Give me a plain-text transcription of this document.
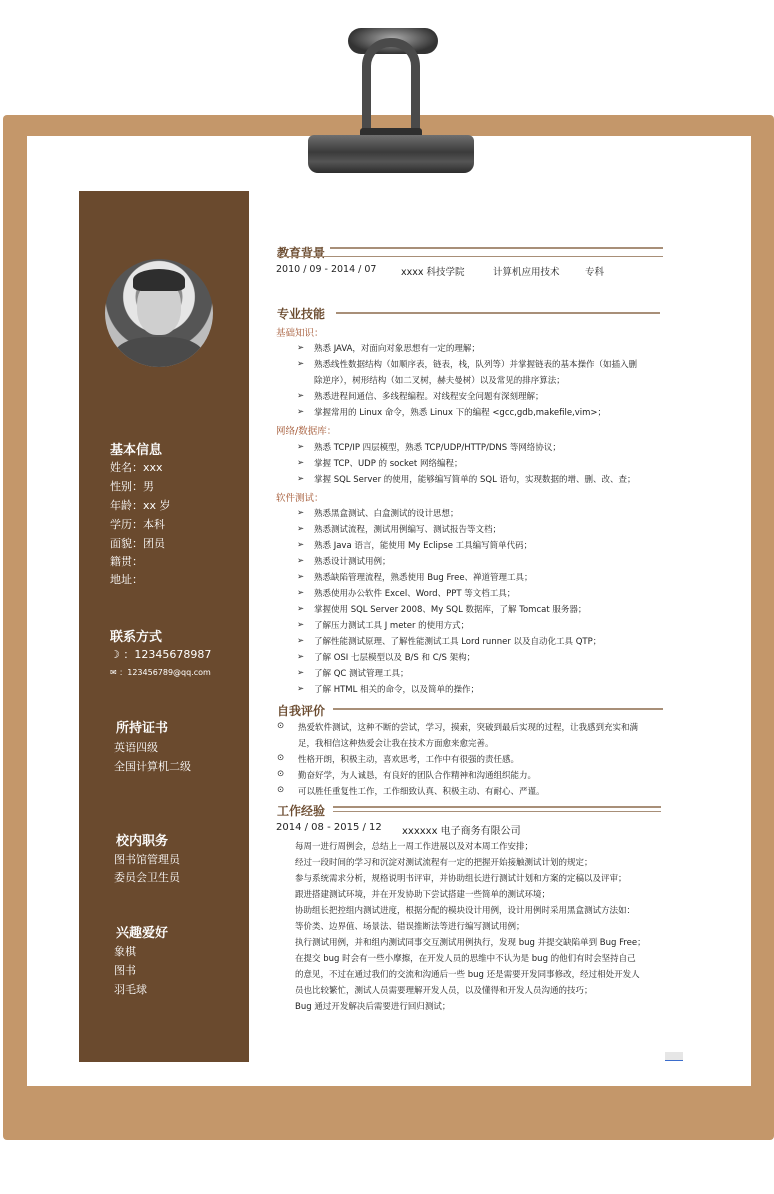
基本信息
姓名：xxx
性别：男
年龄：xx 岁
学历：本科
面貌：团员
籍贯：
地址：
联系方式
☽ ：12345678987
✉ ：123456789@qq.com
所持证书
英语四级
全国计算机二级
校内职务
图书馆管理员
委员会卫生员
兴趣爱好
象棋
图书
羽毛球
教育背景
2010 / 09 - 2014 / 07	xxxx 科技学院	计算机应用技术	专科
专业技能
基础知识：
➢ 熟悉 JAVA，对面向对象思想有一定的理解；
➢ 熟悉线性数据结构（如顺序表，链表，栈，队列等）并掌握链表的基本操作（如插入删
除逆序），树形结构（如二叉树，赫夫曼树）以及常见的排序算法；
➢ 熟悉进程间通信、多线程编程。对线程安全问题有深刻理解；
➢ 掌握常用的 Linux 命令，熟悉 Linux 下的编程 <gcc,gdb,makefile,vim>；
网络/数据库：
➢ 熟悉 TCP/IP 四层模型，熟悉 TCP/UDP/HTTP/DNS 等网络协议；
➢ 掌握 TCP、UDP 的 socket 网络编程；
➢ 掌握 SQL Server 的使用，能够编写简单的 SQL 语句，实现数据的增、删、改、查；
软件测试：
➢ 熟悉黑盒测试、白盒测试的设计思想；
➢ 熟悉测试流程，测试用例编写、测试报告等文档；
➢ 熟悉 Java 语言，能使用 My Eclipse 工具编写简单代码；
➢ 熟悉设计测试用例；
➢ 熟悉缺陷管理流程，熟悉使用 Bug Free、禅道管理工具；
➢ 熟悉使用办公软件 Excel、Word、PPT 等文档工具；
➢ 掌握使用 SQL Server 2008、My SQL 数据库，了解 Tomcat 服务器；
➢ 了解压力测试工具 J meter 的使用方式；
➢ 了解性能测试原理、了解性能测试工具 Lord runner 以及自动化工具 QTP；
➢ 了解 OSI 七层模型以及 B/S 和 C/S 架构；
➢ 了解 QC 测试管理工具；
➢ 了解 HTML 相关的命令，以及简单的操作；
自我评价
⊙ 热爱软件测试，这种不断的尝试，学习，摸索，突破到最后实现的过程，让我感到充实和满
足，我相信这种热爱会让我在技术方面愈来愈完善。
⊙ 性格开朗，积极主动，喜欢思考，工作中有很强的责任感。
⊙ 勤奋好学，为人诚恳，有良好的团队合作精神和沟通组织能力。
⊙ 可以胜任重复性工作，工作细致认真、积极主动、有耐心、严谨。
工作经验
2014 / 08 - 2015 / 12 xxxxxx 电子商务有限公司
每周一进行周例会，总结上一周工作进展以及对本周工作安排；
经过一段时间的学习和沉淀对测试流程有一定的把握开始接触测试计划的规定；
参与系统需求分析，规格说明书评审，并协助组长进行测试计划和方案的定稿以及评审；
跟进搭建测试环境，并在开发协助下尝试搭建一些简单的测试环境；
协助组长把控组内测试进度，根据分配的模块设计用例，设计用例时采用黑盒测试方法如：
等价类、边界值、场景法、错误推断法等进行编写测试用例；
执行测试用例，并和组内测试同事交互测试用例执行，发现 bug 并提交缺陷单到 Bug Free；
在提交 bug 时会有一些小摩擦，在开发人员的思维中不认为是 bug 的他们有时会坚持自己
的意见，不过在通过我们的交流和沟通后一些 bug 还是需要开发同事修改，经过相处开发人
员也比较繁忙，测试人员需要理解开发人员，以及懂得和开发人员沟通的技巧；
Bug 通过开发解决后需要进行回归测试；
